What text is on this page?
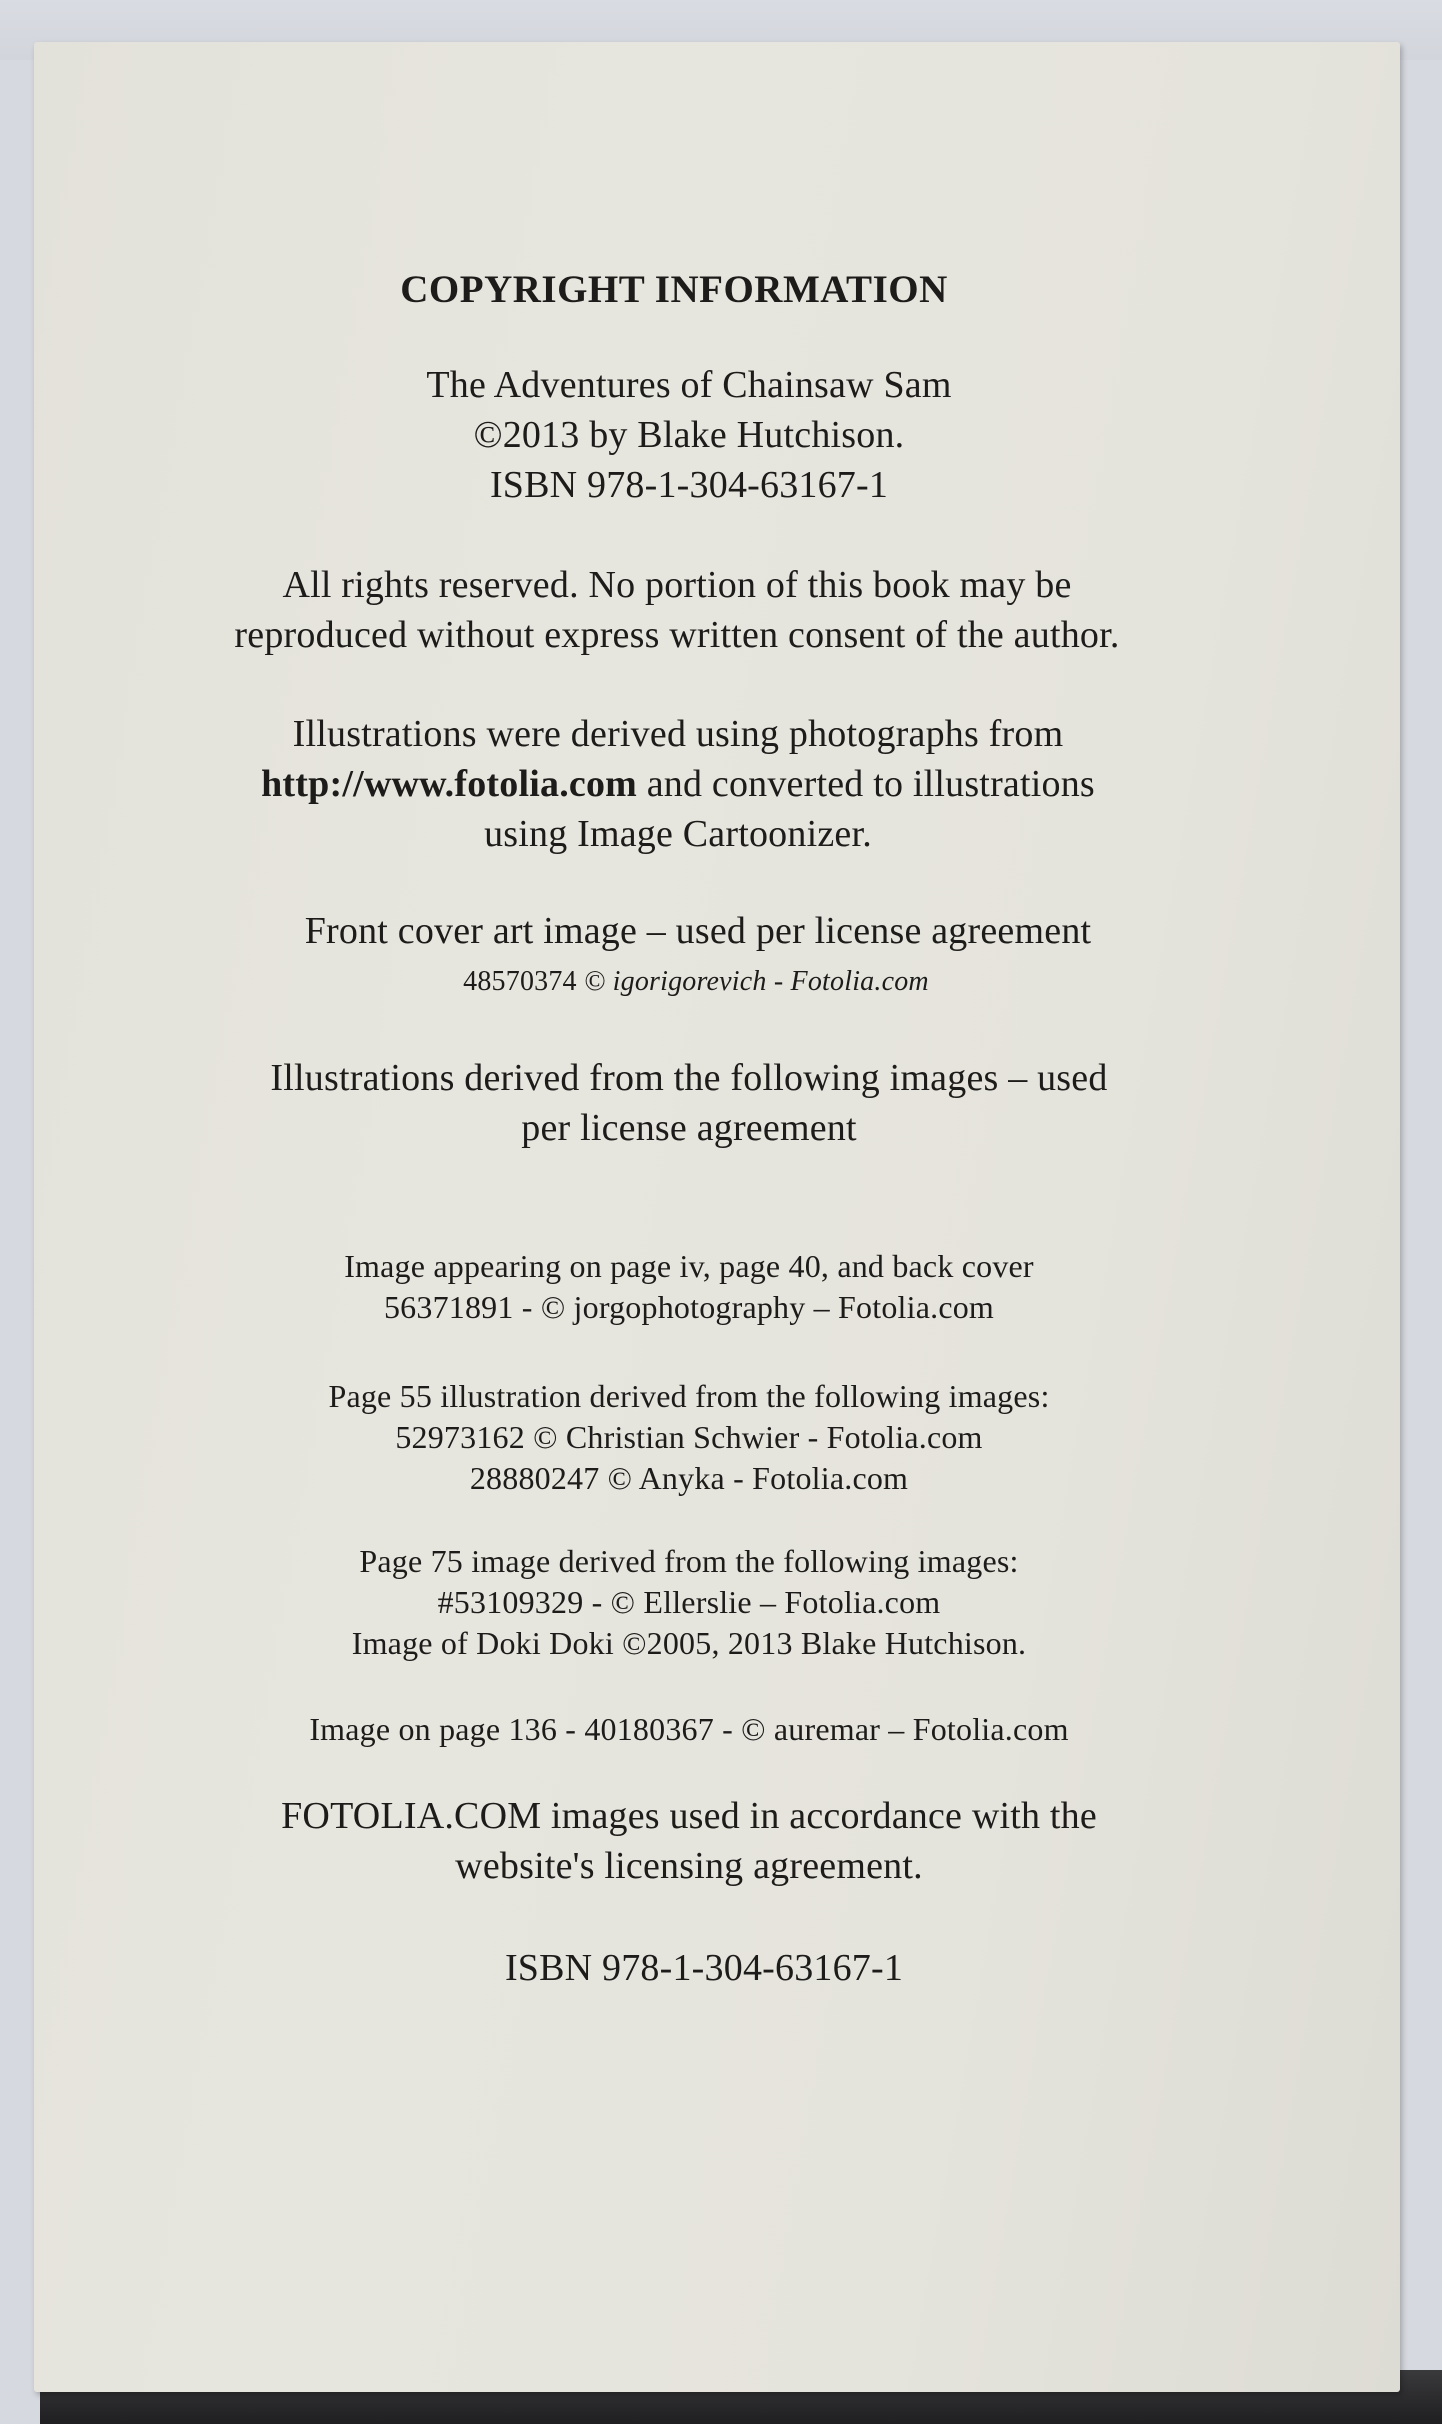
COPYRIGHT INFORMATION
The Adventures of Chainsaw Sam
©2013 by Blake Hutchison.
ISBN 978-1-304-63167-1
All rights reserved. No portion of this book may be
reproduced without express written consent of the author.
Illustrations were derived using photographs from
http://www.fotolia.com and converted to illustrations
using Image Cartoonizer.
Front cover art image – used per license agreement
48570374 © igorigorevich - Fotolia.com
Illustrations derived from the following images – used
per license agreement
Image appearing on page iv, page 40, and back cover
56371891 - © jorgophotography – Fotolia.com
Page 55 illustration derived from the following images:
52973162 © Christian Schwier - Fotolia.com
28880247 © Anyka - Fotolia.com
Page 75 image derived from the following images:
#53109329 - © Ellerslie – Fotolia.com
Image of Doki Doki ©2005, 2013 Blake Hutchison.
Image on page 136 - 40180367 - © auremar – Fotolia.com
FOTOLIA.COM images used in accordance with the
website's licensing agreement.
ISBN 978-1-304-63167-1
